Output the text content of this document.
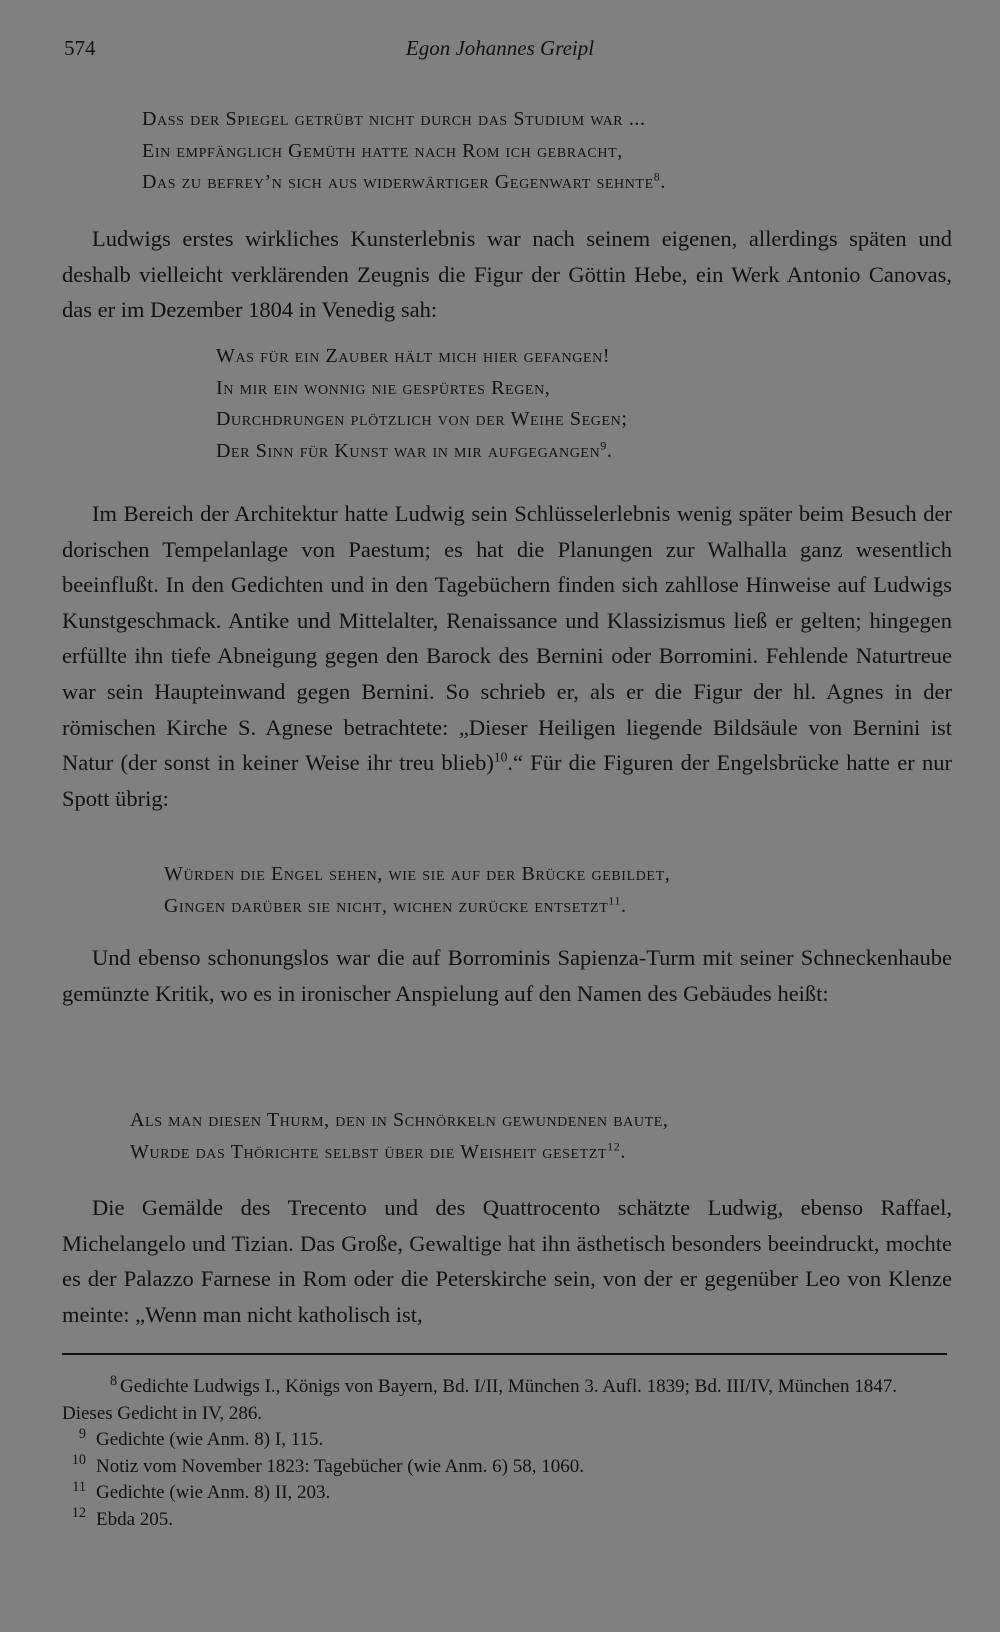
574	Egon Johannes Greipl
Dass der Spiegel getrübt nicht durch das Studium war ...
Ein empfänglich Gemüth hatte nach Rom ich gebracht,
Das zu befrey’n sich aus widerwärtiger Gegenwart sehnte$^8$.
Ludwigs erstes wirkliches Kunsterlebnis war nach seinem eigenen, allerdings späten und deshalb vielleicht verklärenden Zeugnis die Figur der Göttin Hebe, ein Werk Antonio Canovas, das er im Dezember 1804 in Venedig sah:
Was für ein Zauber hält mich hier gefangen!
In mir ein wonnig nie gespürtes Regen,
Durchdrungen plötzlich von der Weihe Segen;
Der Sinn für Kunst war in mir aufgegangen$^9$.
Im Bereich der Architektur hatte Ludwig sein Schlüsselerlebnis wenig später beim Besuch der dorischen Tempelanlage von Paestum; es hat die Planungen zur Walhalla ganz wesentlich beeinflußt. In den Gedichten und in den Tagebüchern finden sich zahllose Hinweise auf Ludwigs Kunstgeschmack. Antike und Mittelalter, Renaissance und Klassizismus ließ er gelten; hingegen erfüllte ihn tiefe Abneigung gegen den Barock des Bernini oder Borromini. Fehlende Naturtreue war sein Haupteinwand gegen Bernini. So schrieb er, als er die Figur der hl. Agnes in der römischen Kirche S. Agnese betrachtete: „Dieser Heiligen liegende Bildsäule von Bernini ist Natur (der sonst in keiner Weise ihr treu blieb)$^{10}$.“ Für die Figuren der Engelsbrücke hatte er nur Spott übrig:
Würden die Engel sehen, wie sie auf der Brücke gebildet,
Gingen darüber sie nicht, wichen zurücke entsetzt$^{11}$.
Und ebenso schonungslos war die auf Borrominis Sapienza-Turm mit seiner Schneckenhaube gemünzte Kritik, wo es in ironischer Anspielung auf den Namen des Gebäudes heißt:
Als man diesen Thurm, den in Schnörkeln gewundenen baute,
Wurde das Thörichte selbst über die Weisheit gesetzt$^{12}$.
Die Gemälde des Trecento und des Quattrocento schätzte Ludwig, ebenso Raffael, Michelangelo und Tizian. Das Große, Gewaltige hat ihn ästhetisch besonders beeindruckt, mochte es der Palazzo Farnese in Rom oder die Peterskirche sein, von der er gegenüber Leo von Klenze meinte: „Wenn man nicht katholisch ist,

8 Gedichte Ludwigs I., Königs von Bayern, Bd. I/II, München 3. Aufl. 1839; Bd. III/IV, München 1847. Dieses Gedicht in IV, 286.

9 Gedichte (wie Anm. 8) I, 115.

10 Notiz vom November 1823: Tagebücher (wie Anm. 6) 58, 1060.

11 Gedichte (wie Anm. 8) II, 203.

12 Ebda 205.
